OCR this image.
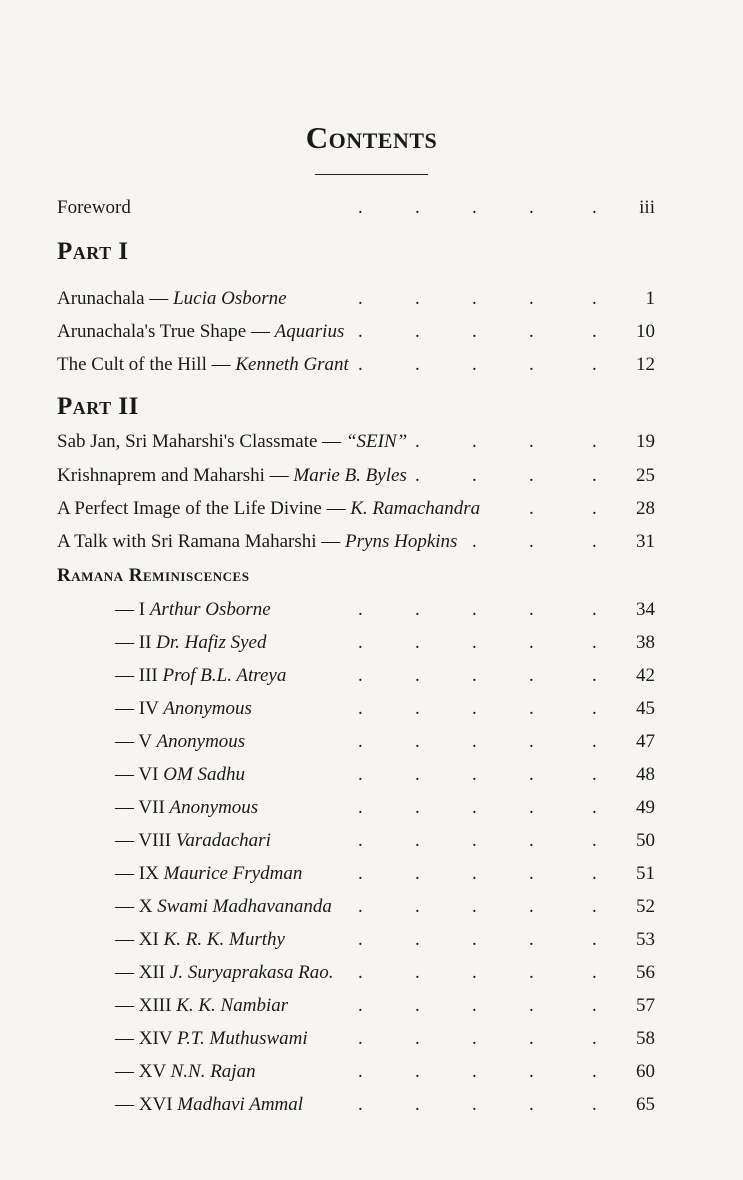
Contents
Foreword	.	.	.	.	. iii
Part I
Arunachala — Lucia Osborne	.	.	.	.	.	1
Arunachala's True Shape — Aquarius .	.	.	.	. 10
The Cult of the Hill — Kenneth Grant .	.	.	.	. 12
Part II
Sab Jan, Sri Maharshi's Classmate — “SEIN” .	.	.	. 19
Krishnaprem and Maharshi — Marie B. Byles .	.	.	. 25
A Perfect Image of the Life Divine — K. Ramachandra	.	. 28
A Talk with Sri Ramana Maharshi — Pryns Hopkins .	.	. 31
Ramana Reminiscences
— I Arthur Osborne	.	.	.	.	. 34
— II Dr. Hafiz Syed	.	.	.	.	. 38
— III Prof B.L. Atreya	.	.	.	.	. 42
— IV Anonymous	.	.	.	.	. 45
— V Anonymous	.	.	.	.	. 47
— VI OM Sadhu	.	.	.	.	. 48
— VII Anonymous	.	.	.	.	. 49
— VIII Varadachari	.	.	.	.	. 50
— IX Maurice Frydman	.	.	.	.	. 51
— X Swami Madhavananda .	.	.	.	. 52
— XI K. R. K. Murthy	.	.	.	.	. 53
— XII J. Suryaprakasa Rao. .	.	.	.	. 56
— XIII K. K. Nambiar	.	.	.	.	. 57
— XIV P.T. Muthuswami	.	.	.	.	. 58
— XV N.N. Rajan	.	.	.	.	. 60
— XVI Madhavi Ammal	.	.	.	.	. 65
